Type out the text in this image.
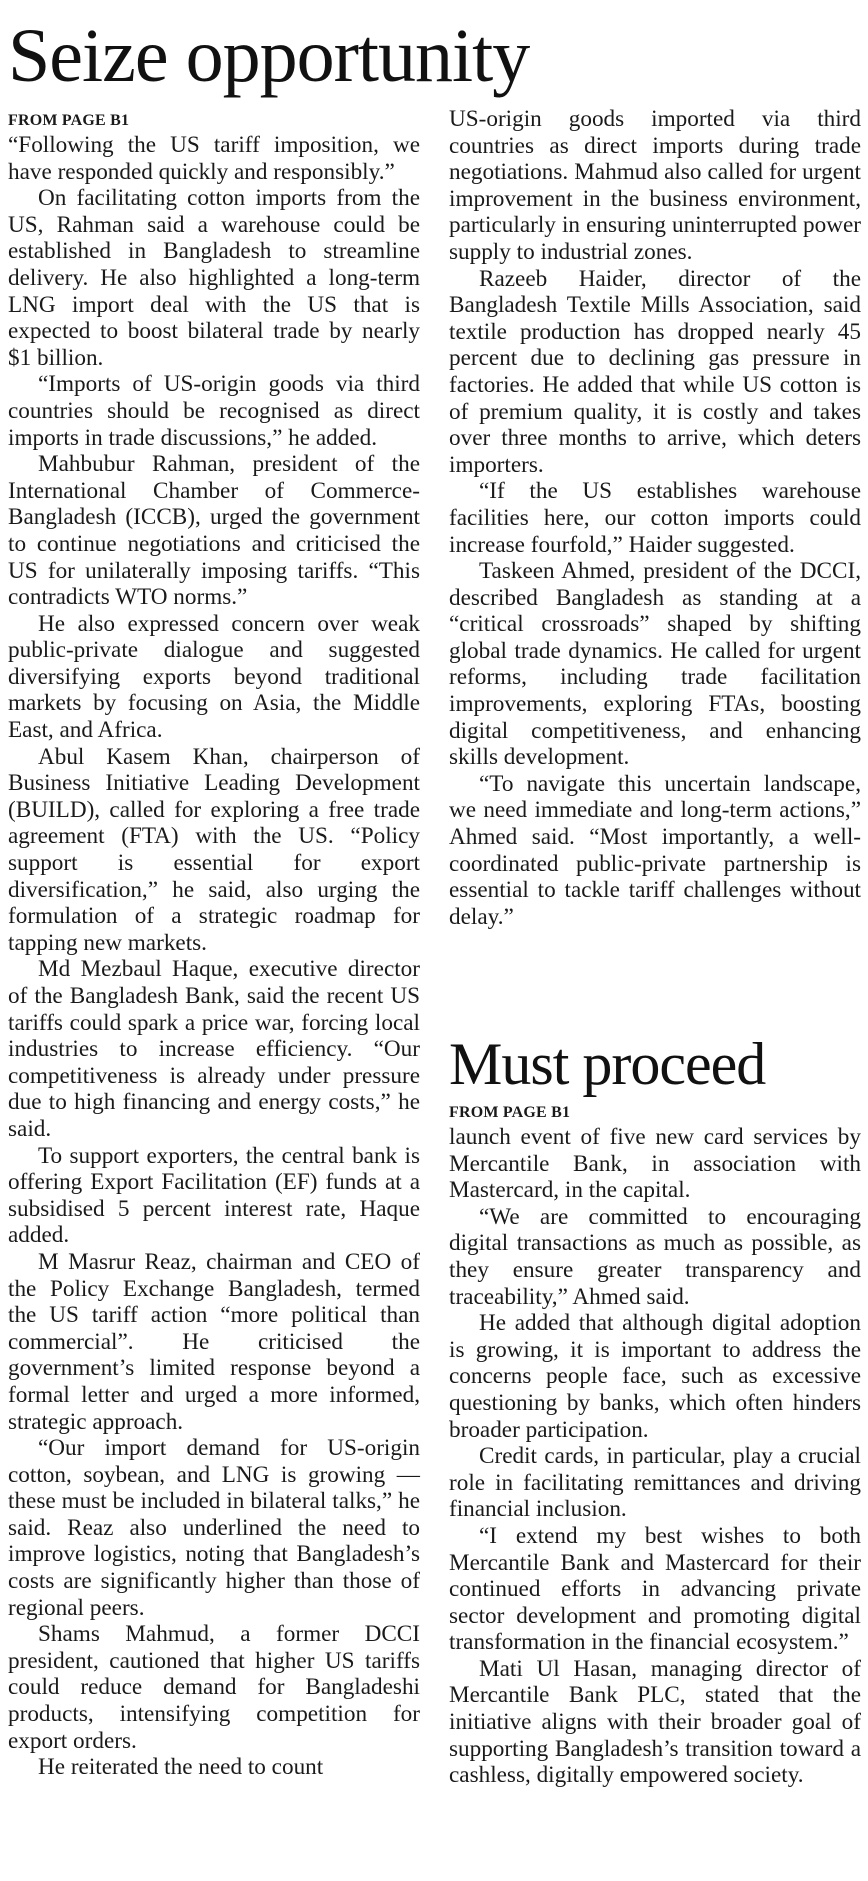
Seize opportunity
FROM PAGE B1

“Following the US tariff imposition, we have responded quickly and responsibly.”

On facilitating cotton imports from the US, Rahman said a warehouse could be established in Bangladesh to streamline delivery. He also highlighted a long-term LNG import deal with the US that is expected to boost bilateral trade by nearly $1 billion.

“Imports of US-origin goods via third countries should be recognised as direct imports in trade discussions,” he added.

Mahbubur Rahman, president of the International Chamber of Commerce-Bangladesh (ICCB), urged the government to continue negotiations and criticised the US for unilaterally imposing tariffs. “This contradicts WTO norms.”

He also expressed concern over weak public-private dialogue and suggested diversifying exports beyond traditional markets by focusing on Asia, the Middle East, and Africa.

Abul Kasem Khan, chairperson of Business Initiative Leading Development (BUILD), called for exploring a free trade agreement (FTA) with the US. “Policy support is essential for export diversification,” he said, also urging the formulation of a strategic roadmap for tapping new markets.

Md Mezbaul Haque, executive director of the Bangladesh Bank, said the recent US tariffs could spark a price war, forcing local industries to increase efficiency. “Our competitiveness is already under pressure due to high financing and energy costs,” he said.

To support exporters, the central bank is offering Export Facilitation (EF) funds at a subsidised 5 percent interest rate, Haque added.

M Masrur Reaz, chairman and CEO of the Policy Exchange Bangladesh, termed the US tariff action “more political than commercial”. He criticised the government’s limited response beyond a formal letter and urged a more informed, strategic approach.

“Our import demand for US-origin cotton, soybean, and LNG is growing — these must be included in bilateral talks,” he said. Reaz also underlined the need to improve logistics, noting that Bangladesh’s costs are significantly higher than those of regional peers.

Shams Mahmud, a former DCCI president, cautioned that higher US tariffs could reduce demand for Bangladeshi products, intensifying competition for export orders.

He reiterated the need to count

US-origin goods imported via third countries as direct imports during trade negotiations. Mahmud also called for urgent improvement in the business environment, particularly in ensuring uninterrupted power supply to industrial zones.

Razeeb Haider, director of the Bangladesh Textile Mills Association, said textile production has dropped nearly 45 percent due to declining gas pressure in factories. He added that while US cotton is of premium quality, it is costly and takes over three months to arrive, which deters importers.

“If the US establishes warehouse facilities here, our cotton imports could increase fourfold,” Haider suggested.

Taskeen Ahmed, president of the DCCI, described Bangladesh as standing at a “critical crossroads” shaped by shifting global trade dynamics. He called for urgent reforms, including trade facilitation improvements, exploring FTAs, boosting digital competitiveness, and enhancing skills development.

“To navigate this uncertain landscape, we need immediate and long-term actions,” Ahmed said. “Most importantly, a well-coordinated public-private partnership is essential to tackle tariff challenges without delay.”

Must proceed
FROM PAGE B1

launch event of five new card services by Mercantile Bank, in association with Mastercard, in the capital.

“We are committed to encouraging digital transactions as much as possible, as they ensure greater transparency and traceability,” Ahmed said.

He added that although digital adoption is growing, it is important to address the concerns people face, such as excessive questioning by banks, which often hinders broader participation.

Credit cards, in particular, play a crucial role in facilitating remittances and driving financial inclusion.

“I extend my best wishes to both Mercantile Bank and Mastercard for their continued efforts in advancing private sector development and promoting digital transformation in the financial ecosystem.”

Mati Ul Hasan, managing director of Mercantile Bank PLC, stated that the initiative aligns with their broader goal of supporting Bangladesh’s transition toward a cashless, digitally empowered society.
